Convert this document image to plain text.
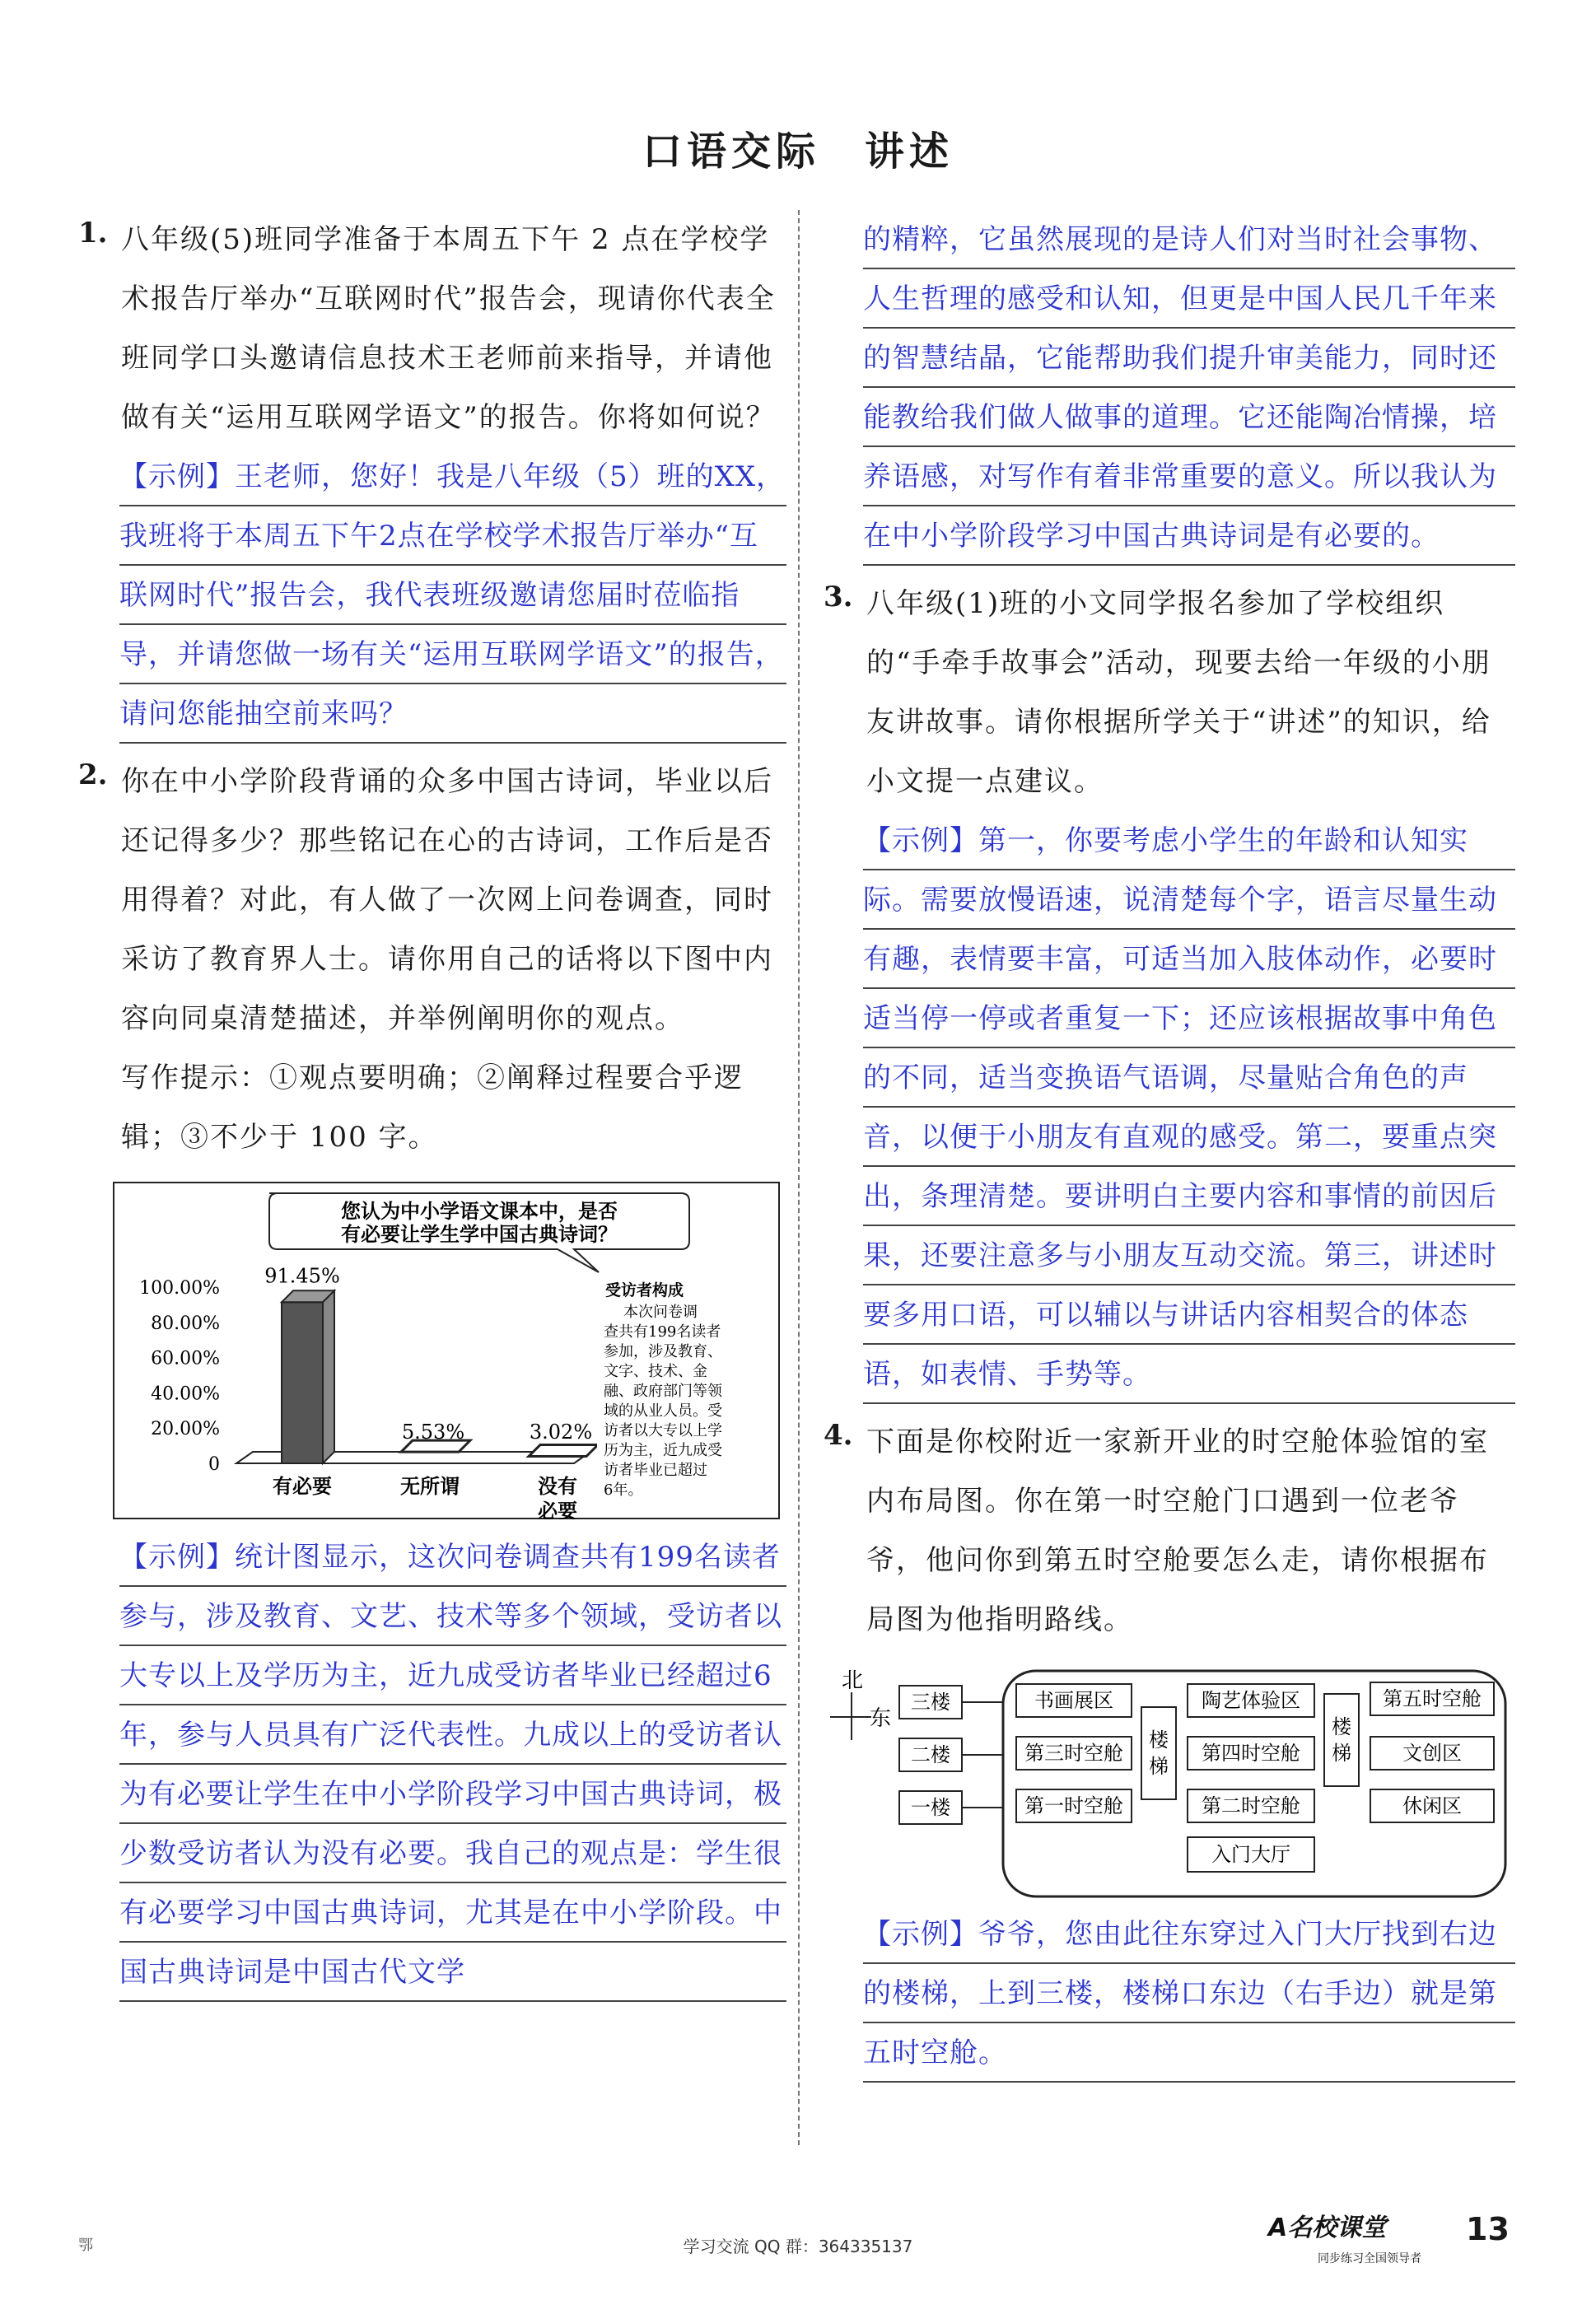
口语交际　讲述
1. 八年级(5)班同学准备于本周五下午 2 点在学校学术报告厅举办“互联网时代”报告会，现请你代表全班同学口头邀请信息技术王老师前来指导，并请他做有关“运用互联网学语文”的报告。你将如何说？
【示例】王老师，您好！我是八年级（5）班的XX，我班将于本周五下午2点在学校学术报告厅举办“互联网时代”报告会，我代表班级邀请您届时莅临指导，并请您做一场有关“运用互联网学语文”的报告，请问您能抽空前来吗？
2. 你在中小学阶段背诵的众多中国古诗词，毕业以后还记得多少？那些铭记在心的古诗词，工作后是否用得着？对此，有人做了一次网上问卷调查，同时采访了教育界人士。请你用自己的话将以下图中内容向同桌清楚描述，并举例阐明你的观点。
写作提示：①观点要明确；②阐释过程要合乎逻辑；③不少于 100 字。
您认为中小学语文课本中，是否
有必要让学生学中国古典诗词？
100.00%
80.00%
60.00%
40.00%
20.00%
0
91.45%
5.53%	3.02%
有必要	无所谓	没有
必要
受访者构成
本次问卷调
查共有199名读者
参加，涉及教育、
文字、技术、金
融、政府部门等领
域的从业人员。受
访者以大专以上学
历为主，近九成受
访者毕业已超过
6年。
【示例】统计图显示，这次问卷调查共有199名读者参与，涉及教育、文艺、技术等多个领域，受访者以大专以上及学历为主，近九成受访者毕业已经超过6年，参与人员具有广泛代表性。九成以上的受访者认为有必要让学生在中小学阶段学习中国古典诗词，极少数受访者认为没有必要。我自己的观点是：学生很有必要学习中国古典诗词，尤其是在中小学阶段。中国古典诗词是中国古代文学
的精粹，它虽然展现的是诗人们对当时社会事物、人生哲理的感受和认知，但更是中国人民几千年来的智慧结晶，它能帮助我们提升审美能力，同时还能教给我们做人做事的道理。它还能陶冶情操，培养语感，对写作有着非常重要的意义。所以我认为在中小学阶段学习中国古典诗词是有必要的。
3. 八年级(1)班的小文同学报名参加了学校组织的“手牵手故事会”活动，现要去给一年级的小朋友讲故事。请你根据所学关于“讲述”的知识，给小文提一点建议。
【示例】第一，你要考虑小学生的年龄和认知实际。需要放慢语速，说清楚每个字，语言尽量生动有趣，表情要丰富，可适当加入肢体动作，必要时适当停一停或者重复一下；还应该根据故事中角色的不同，适当变换语气语调，尽量贴合角色的声音，以便于小朋友有直观的感受。第二，要重点突出，条理清楚。要讲明白主要内容和事情的前因后果，还要注意多与小朋友互动交流。第三，讲述时要多用口语，可以辅以与讲话内容相契合的体态语，如表情、手势等。
4. 下面是你校附近一家新开业的时空舱体验馆的室内布局图。你在第一时空舱门口遇到一位老爷爷，他问你到第五时空舱要怎么走，请你根据布局图为他指明路线。
北
东
三楼
二楼
一楼
书画展区
第三时空舱
第一时空舱
楼
梯
陶艺体验区
第四时空舱
第二时空舱
楼
梯
第五时空舱
文创区
休闲区
入门大厅
【示例】爷爷，您由此往东穿过入门大厅找到右边的楼梯，上到三楼，楼梯口东边（右手边）就是第五时空舱。
鄂	学习交流 QQ 群：364335137
A名校课堂
同步练习全国领导者
13
